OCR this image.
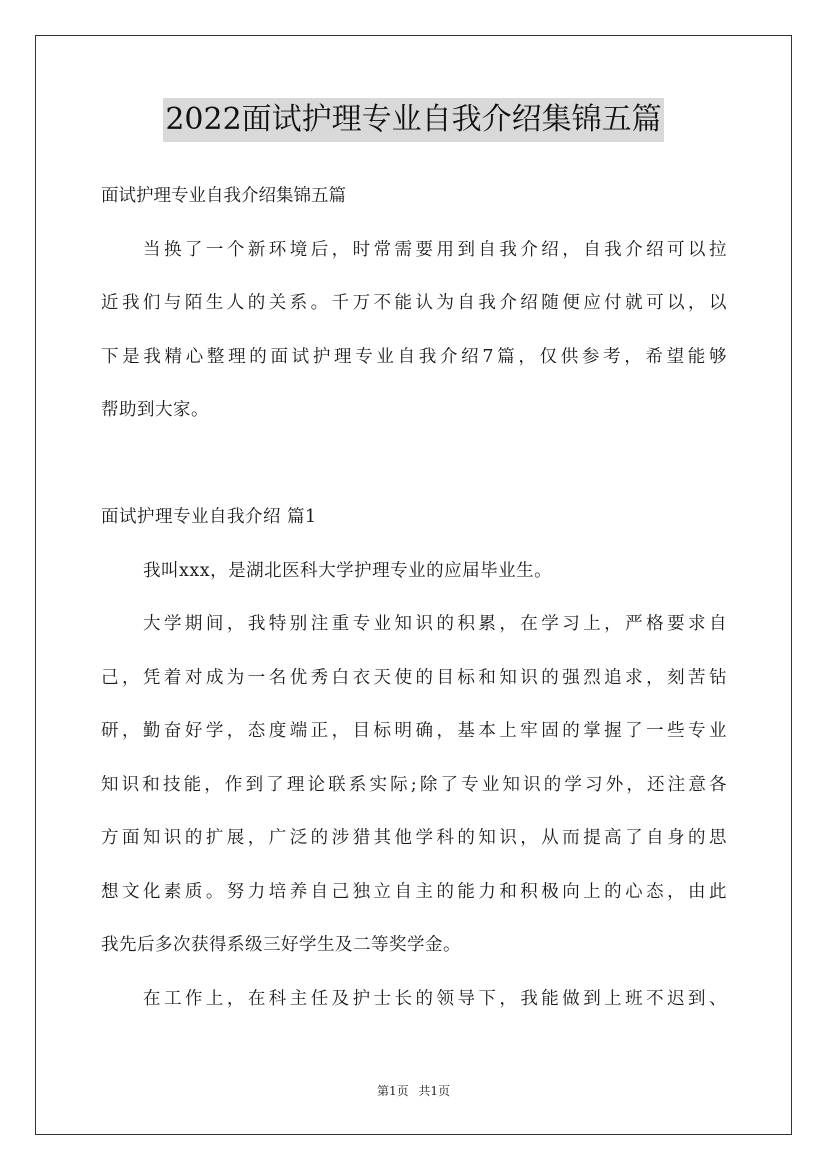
2022面试护理专业自我介绍集锦五篇
面试护理专业自我介绍集锦五篇
当换了一个新环境后，时常需要用到自我介绍，自我介绍可以拉
近我们与陌生人的关系。千万不能认为自我介绍随便应付就可以，以
下是我精心整理的面试护理专业自我介绍7篇，仅供参考，希望能够
帮助到大家。
面试护理专业自我介绍 篇1
我叫xxx，是湖北医科大学护理专业的应届毕业生。
大学期间，我特别注重专业知识的积累，在学习上，严格要求自
己，凭着对成为一名优秀白衣天使的目标和知识的强烈追求，刻苦钻
研，勤奋好学，态度端正，目标明确，基本上牢固的掌握了一些专业
知识和技能，作到了理论联系实际;除了专业知识的学习外，还注意各
方面知识的扩展，广泛的涉猎其他学科的知识，从而提高了自身的思
想文化素质。努力培养自己独立自主的能力和积极向上的心态，由此
我先后多次获得系级三好学生及二等奖学金。
在工作上，在科主任及护士长的领导下，我能做到上班不迟到、
第1页 共1页
